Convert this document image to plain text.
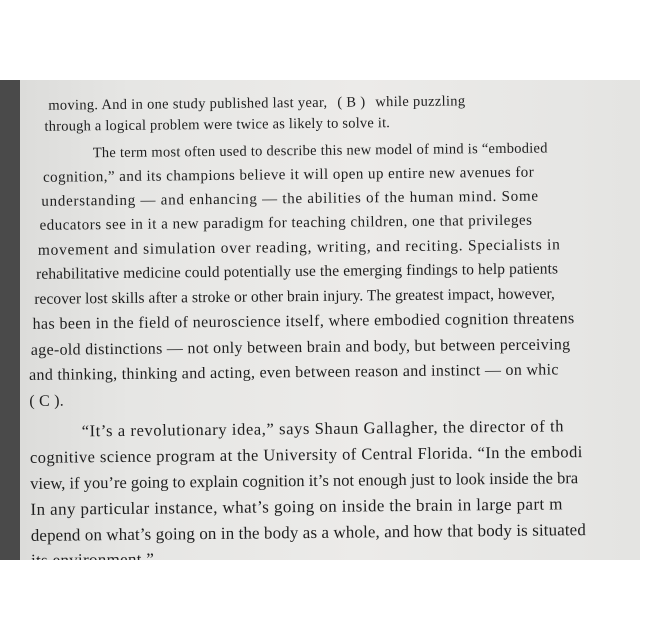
moving. And in one study published last year, ( B ) while puzzling
through a logical problem were twice as likely to solve it.
The term most often used to describe this new model of mind is “embodied
cognition,” and its champions believe it will open up entire new avenues for
understanding — and enhancing — the abilities of the human mind. Some
educators see in it a new paradigm for teaching children, one that privileges
movement and simulation over reading, writing, and reciting. Specialists in
rehabilitative medicine could potentially use the emerging findings to help patients
recover lost skills after a stroke or other brain injury. The greatest impact, however,
has been in the field of neuroscience itself, where embodied cognition threatens
age-old distinctions — not only between brain and body, but between perceiving
and thinking, thinking and acting, even between reason and instinct — on whic
( C ).
“It’s a revolutionary idea,” says Shaun Gallagher, the director of th
cognitive science program at the University of Central Florida. “In the embodi
view, if you’re going to explain cognition it’s not enough just to look inside the bra
In any particular instance, what’s going on inside the brain in large part m
depend on what’s going on in the body as a whole, and how that body is situated
